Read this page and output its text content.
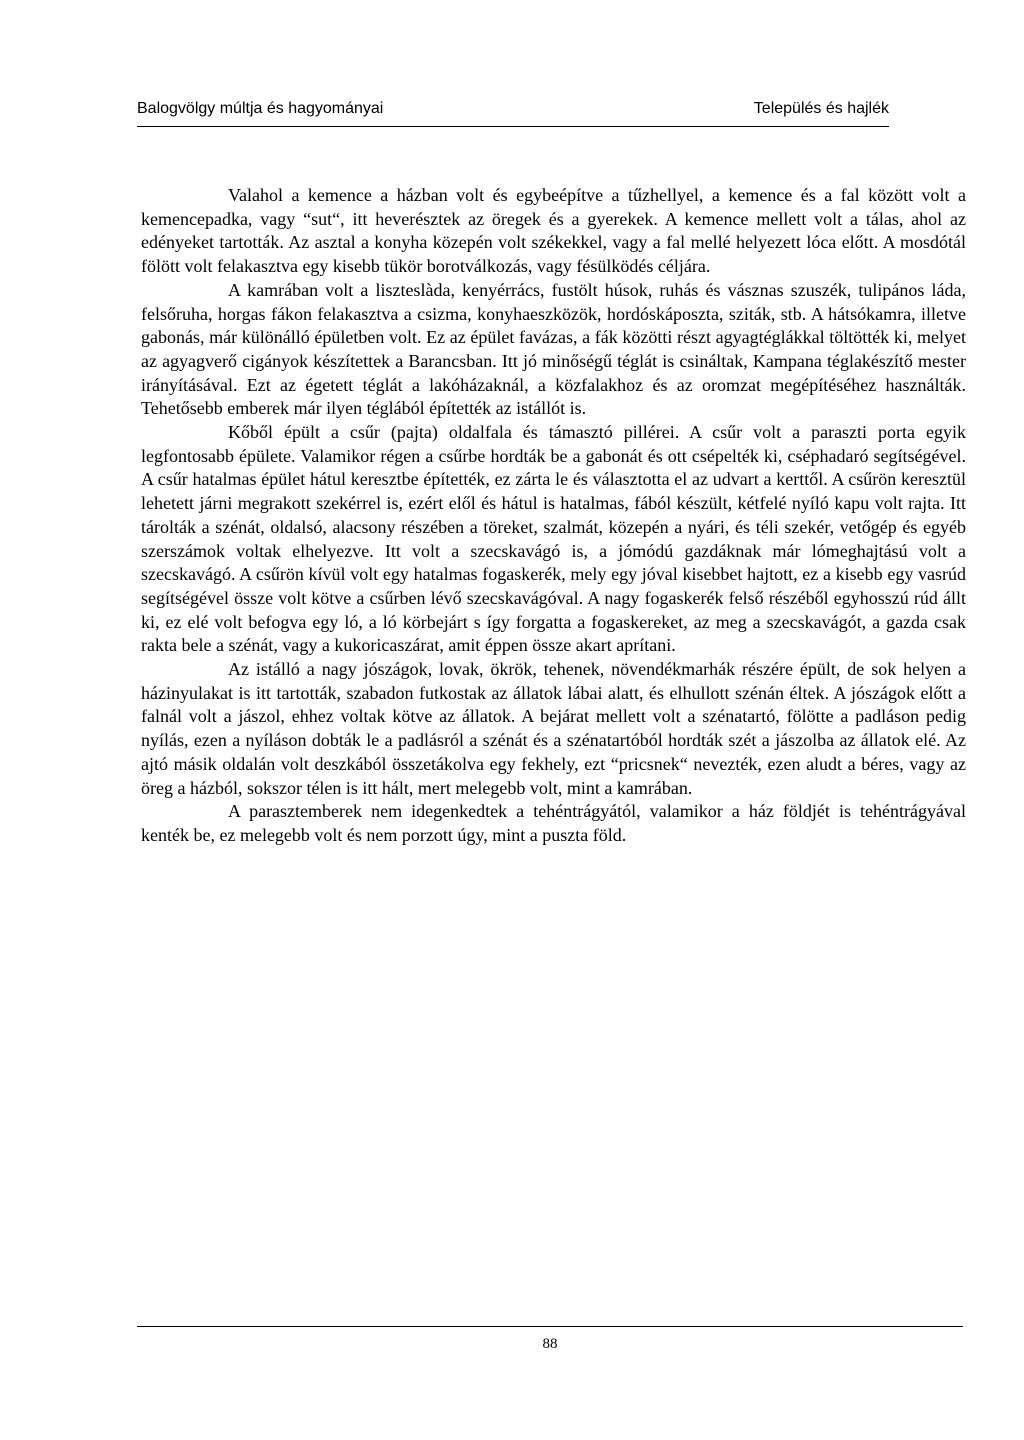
Balogvölgy múltja és hagyományai	Település és hajlék

Valahol a kemence a házban volt és egybeépítve a tűzhellyel, a kemence és a fal között volt a kemencepadka, vagy “sut“, itt heverésztek az öregek és a gyerekek. A kemence mellett volt a tálas, ahol az edényeket tartották. Az asztal a konyha közepén volt székekkel, vagy a fal mellé helyezett lóca előtt. A mosdótál fölött volt felakasztva egy kisebb tükör borotválkozás, vagy fésülködés céljára.

A kamrában volt a liszteslàda, kenyérrács, fustölt húsok, ruhás és vásznas szuszék, tulipános láda, felsőruha, horgas fákon felakasztva a csizma, konyhaeszközök, hordóskáposzta, sziták, stb. A hátsókamra, illetve gabonás, már különálló épületben volt. Ez az épület favázas, a fák közötti részt agyagtéglákkal töltötték ki, melyet az agyagverő cigányok készítettek a Barancsban. Itt jó minőségű téglát is csináltak, Kampana téglakészítő mester irányításával. Ezt az égetett téglát a lakóházaknál, a közfalakhoz és az oromzat megépítéséhez használták. Tehetősebb emberek már ilyen téglából építették az istállót is.

Kőből épült a csűr (pajta) oldalfala és támasztó pillérei. A csűr volt a paraszti porta egyik legfontosabb épülete. Valamikor régen a csűrbe hordták be a gabonát és ott csépelték ki, cséphadaró segítségével. A csűr hatalmas épület hátul keresztbe építették, ez zárta le és választotta el az udvart a kerttől. A csűrön keresztül lehetett járni megrakott szekérrel is, ezért elől és hátul is hatalmas, fából készült, kétfelé nyíló kapu volt rajta. Itt tárolták a szénát, oldalsó, alacsony részében a töreket, szalmát, közepén a nyári, és téli szekér, vetőgép és egyéb szerszámok voltak elhelyezve. Itt volt a szecskavágó is, a jómódú gazdáknak már lómeghajtású volt a szecskavágó. A csűrön kívül volt egy hatalmas fogaskerék, mely egy jóval kisebbet hajtott, ez a kisebb egy vasrúd segítségével össze volt kötve a csűrben lévő szecskavágóval. A nagy fogaskerék felső részéből egyhosszú rúd állt ki, ez elé volt befogva egy ló, a ló körbejárt s így forgatta a fogaskereket, az meg a szecskavágót, a gazda csak rakta bele a szénát, vagy a kukoricaszárat, amit éppen össze akart aprítani.

Az istálló a nagy jószágok, lovak, ökrök, tehenek, növendékmarhák részére épült, de sok helyen a házinyulakat is itt tartották, szabadon futkostak az állatok lábai alatt, és elhullott szénán éltek. A jószágok előtt a falnál volt a jászol, ehhez voltak kötve az állatok. A bejárat mellett volt a szénatartó, fölötte a padláson pedig nyílás, ezen a nyíláson dobták le a padlásról a szénát és a szénatartóból hordták szét a jászolba az állatok elé. Az ajtó másik oldalán volt deszkából összetákolva egy fekhely, ezt “pricsnek“ nevezték, ezen aludt a béres, vagy az öreg a házból, sokszor télen is itt hált, mert melegebb volt, mint a kamrában.

A parasztemberek nem idegenkedtek a tehéntrágyától, valamikor a ház földjét is tehéntrágyával kenték be, ez melegebb volt és nem porzott úgy, mint a puszta föld.

88
